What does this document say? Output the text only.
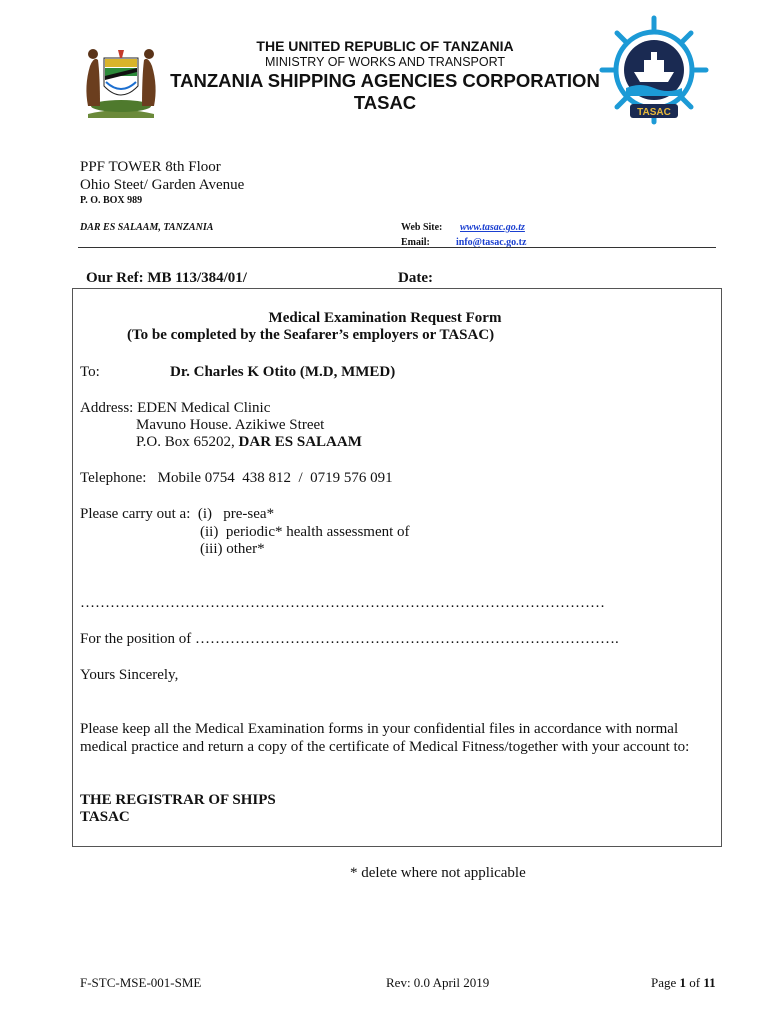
THE UNITED REPUBLIC OF TANZANIA
MINISTRY OF WORKS AND TRANSPORT
TANZANIA SHIPPING AGENCIES CORPORATION
TASAC	TASAC
PPF TOWER 8th Floor
Ohio Steet/ Garden Avenue
P. O. BOX 989
DAR ES SALAAM, TANZANIA	Web Site: www.tasac.go.tz
Email:	info@tasac.go.tz
Our Ref: MB 113/384/01/	Date:
Medical Examination Request Form
(To be completed by the Seafarer’s employers or TASAC)
To:	Dr. Charles K Otito (M.D, MMED)
Address: EDEN Medical Clinic
Mavuno House. Azikiwe Street
P.O. Box 65202, DAR ES SALAAM
Telephone:   Mobile 0754  438 812  /  0719 576 091
Please carry out a:  (i)   pre-sea*
(ii)  periodic* health assessment of
(iii) other*
……………………………………………………………………………………………
For the position of ………………………………………………………………………….
Yours Sincerely,
Please keep all the Medical Examination forms in your confidential files in accordance with normal
medical practice and return a copy of the certificate of Medical Fitness/together with your account to:
THE REGISTRAR OF SHIPS
TASAC
* delete where not applicable
F-STC-MSE-001-SME	Rev: 0.0 April 2019	Page 1 of 11
